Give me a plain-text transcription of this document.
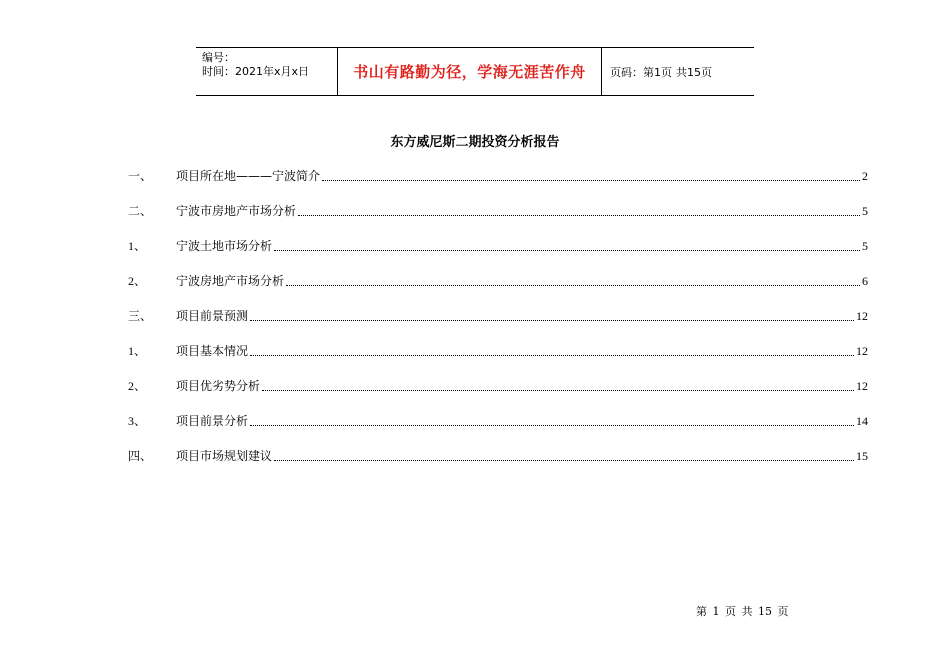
编号：
时间：2021年x月x日	书山有路勤为径，学海无涯苦作舟 页码：第1页 共15页
东方威尼斯二期投资分析报告
一、	项目所在地———宁波简介	2
二、	宁波市房地产市场分析	5
1、	宁波土地市场分析	5
2、	宁波房地产市场分析	6
三、	项目前景预测	12
1、	项目基本情况	12
2、	项目优劣势分析	12
3、	项目前景分析	14
四、	项目市场规划建议	15
第 1 页 共 15 页
